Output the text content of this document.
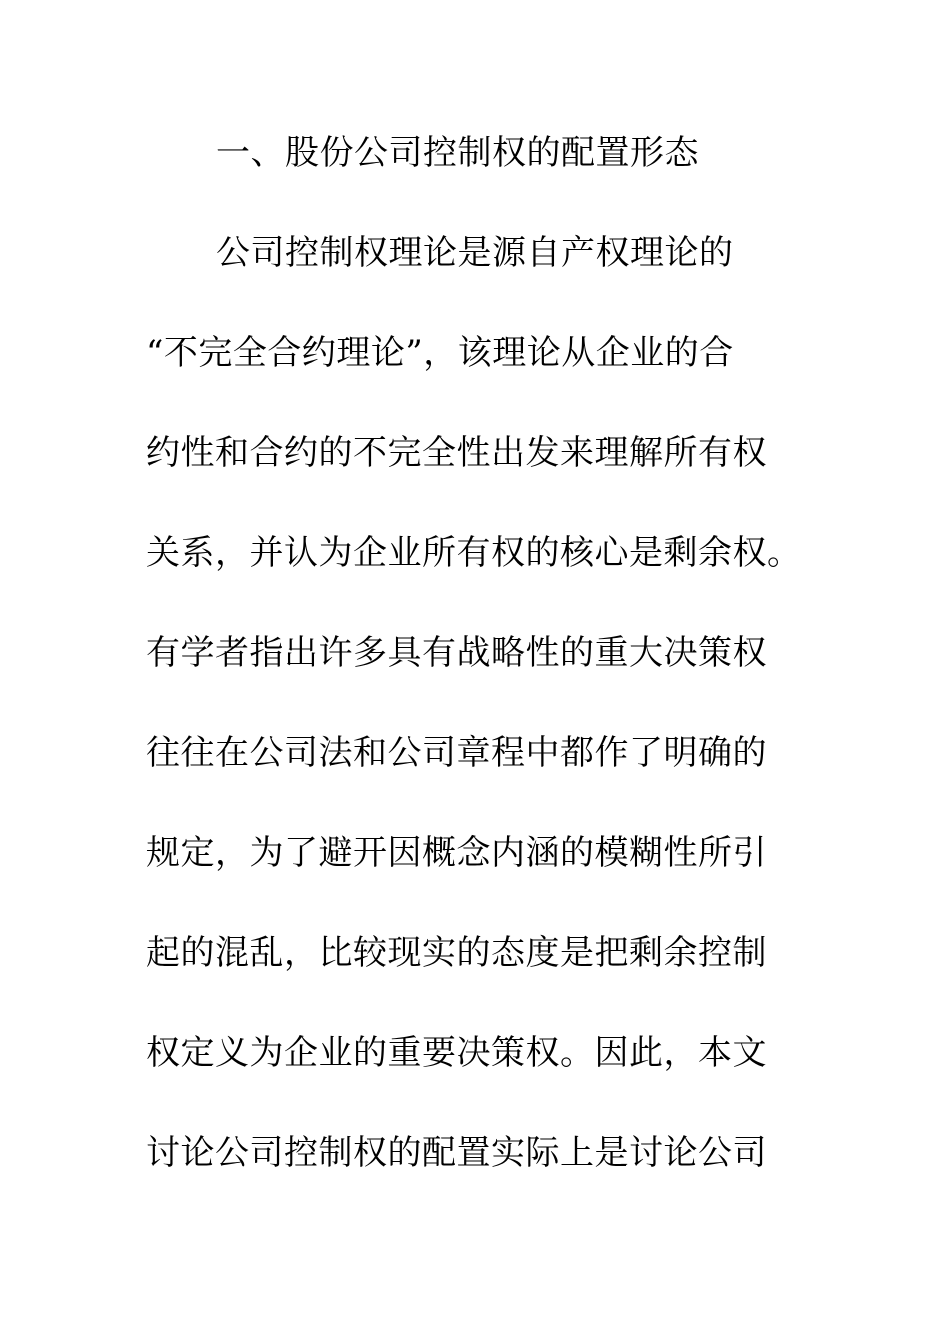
一、股份公司控制权的配置形态
公司控制权理论是源自产权理论的
“不完全合约理论”，该理论从企业的合
约性和合约的不完全性出发来理解所有权
关系，并认为企业所有权的核心是剩余权。
有学者指出许多具有战略性的重大决策权
往往在公司法和公司章程中都作了明确的
规定，为了避开因概念内涵的模糊性所引
起的混乱，比较现实的态度是把剩余控制
权定义为企业的重要决策权。因此，本文
讨论公司控制权的配置实际上是讨论公司
